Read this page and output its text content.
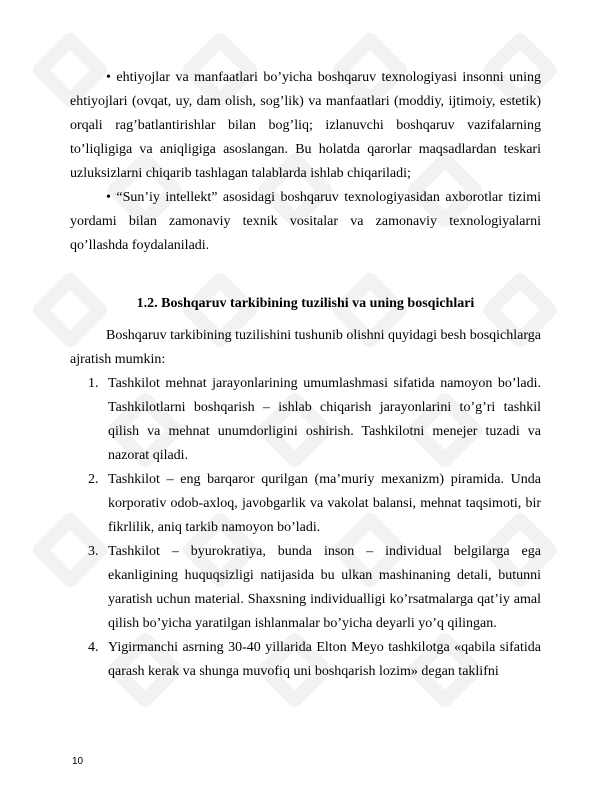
• ehtiyojlar va manfaatlari bo’yicha boshqaruv texnologiyasi insonni uning ehtiyojlari (ovqat, uy, dam olish, sog’lik) va manfaatlari (moddiy, ijtimoiy, estetik) orqali rag’batlantirishlar bilan bog’liq; izlanuvchi boshqaruv vazifalarning to’liqligiga va aniqligiga asoslangan. Bu holatda qarorlar maqsadlardan teskari uzluksizlarni chiqarib tashlagan talablarda ishlab chiqariladi;

• “Sun’iy intellekt” asosidagi boshqaruv texnologiyasidan axborotlar tizimi yordami bilan zamonaviy texnik vositalar va zamonaviy texnologiyalarni qo’llashda foydalaniladi.

1.2. Boshqaruv tarkibining tuzilishi va uning bosqichlari

Boshqaruv tarkibining tuzilishini tushunib olishni quyidagi besh bosqichlarga ajratish mumkin:

1. Tashkilot mehnat jarayonlarining umumlashmasi sifatida namoyon bo’ladi. Tashkilotlarni boshqarish – ishlab chiqarish jarayonlarini to’g’ri tashkil qilish va mehnat unumdorligini oshirish. Tashkilotni menejer tuzadi va nazorat qiladi.
2. Tashkilot – eng barqaror qurilgan (ma’muriy mexanizm) piramida. Unda korporativ odob-axloq, javobgarlik va vakolat balansi, mehnat taqsimoti, bir fikrlilik, aniq tarkib namoyon bo’ladi.
3. Tashkilot – byurokratiya, bunda inson – individual belgilarga ega ekanligining huquqsizligi natijasida bu ulkan mashinaning detali, butunni yaratish uchun material. Shaxsning individualligi ko’rsatmalarga qat’iy amal qilish bo’yicha yaratilgan ishlanmalar bo’yicha deyarli yo’q qilingan.
4. Yigirmanchi asrning 30-40 yillarida Elton Meyo tashkilotga «qabila sifatida qarash kerak va shunga muvofiq uni boshqarish lozim» degan taklifni
10
